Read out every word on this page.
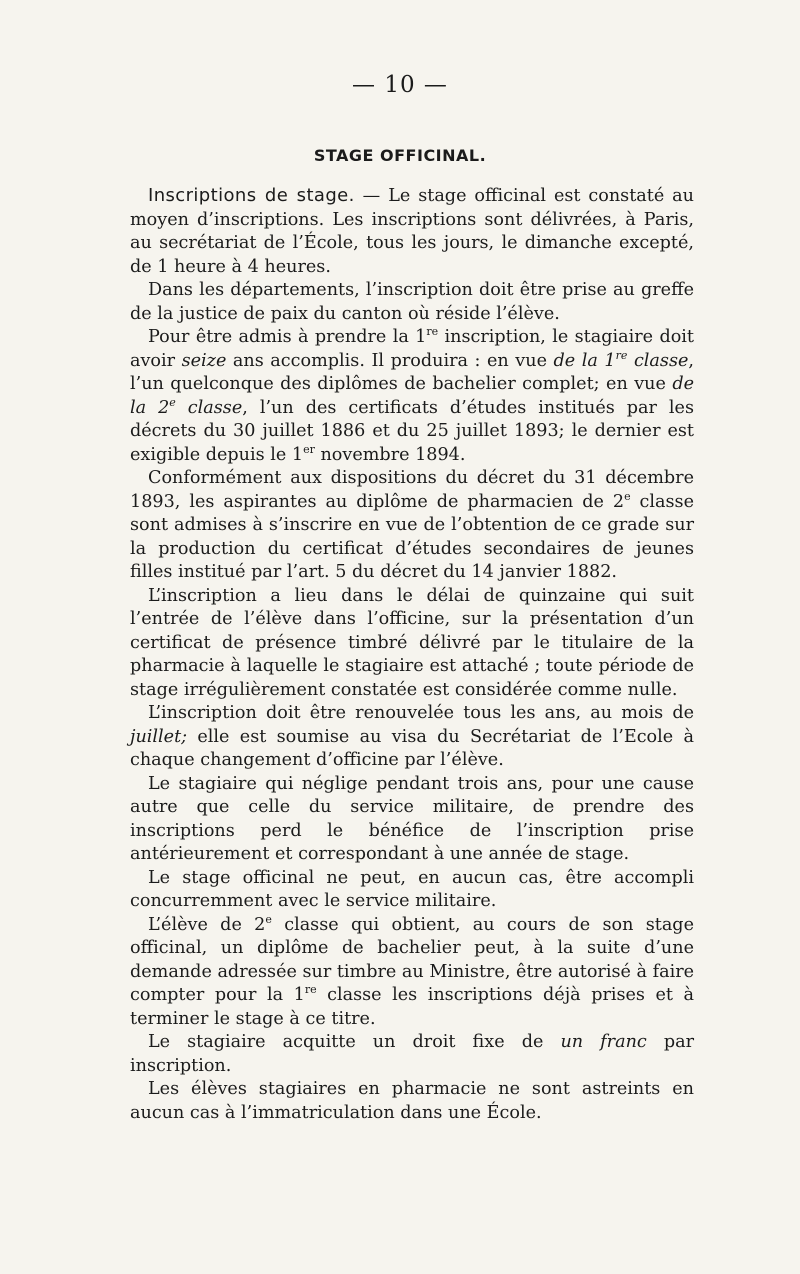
— 10 —
STAGE OFFICINAL.

Inscriptions de stage. — Le stage officinal est constaté au moyen d’inscriptions. Les inscriptions sont délivrées, à Paris, au secrétariat de l’École, tous les jours, le dimanche excepté, de 1 heure à 4 heures.

Dans les départements, l’inscription doit être prise au greffe de la justice de paix du canton où réside l’élève.

Pour être admis à prendre la 1re inscription, le stagiaire doit avoir seize ans accomplis. Il produira : en vue de la 1re classe, l’un quelconque des diplômes de bachelier complet; en vue de la 2e classe, l’un des certificats d’études institués par les décrets du 30 juillet 1886 et du 25 juillet 1893; le dernier est exigible depuis le 1er novembre 1894.

Conformément aux dispositions du décret du 31 décembre 1893, les aspirantes au diplôme de pharmacien de 2e classe sont admises à s’inscrire en vue de l’obtention de ce grade sur la production du certificat d’études secondaires de jeunes filles institué par l’art. 5 du décret du 14 janvier 1882.

L’inscription a lieu dans le délai de quinzaine qui suit l’entrée de l’élève dans l’officine, sur la présentation d’un certificat de présence timbré délivré par le titulaire de la pharmacie à laquelle le stagiaire est attaché ; toute période de stage irrégulièrement constatée est considérée comme nulle.

L’inscription doit être renouvelée tous les ans, au mois de juillet; elle est soumise au visa du Secrétariat de l’Ecole à chaque changement d’officine par l’élève.

Le stagiaire qui néglige pendant trois ans, pour une cause autre que celle du service militaire, de prendre des inscriptions perd le bénéfice de l’inscription prise antérieurement et correspondant à une année de stage.

Le stage officinal ne peut, en aucun cas, être accompli concurremment avec le service militaire.

L’élève de 2e classe qui obtient, au cours de son stage officinal, un diplôme de bachelier peut, à la suite d’une demande adressée sur timbre au Ministre, être autorisé à faire compter pour la 1re classe les inscriptions déjà prises et à terminer le stage à ce titre.

Le stagiaire acquitte un droit fixe de un franc par inscription.

Les élèves stagiaires en pharmacie ne sont astreints en aucun cas à l’immatriculation dans une École.
